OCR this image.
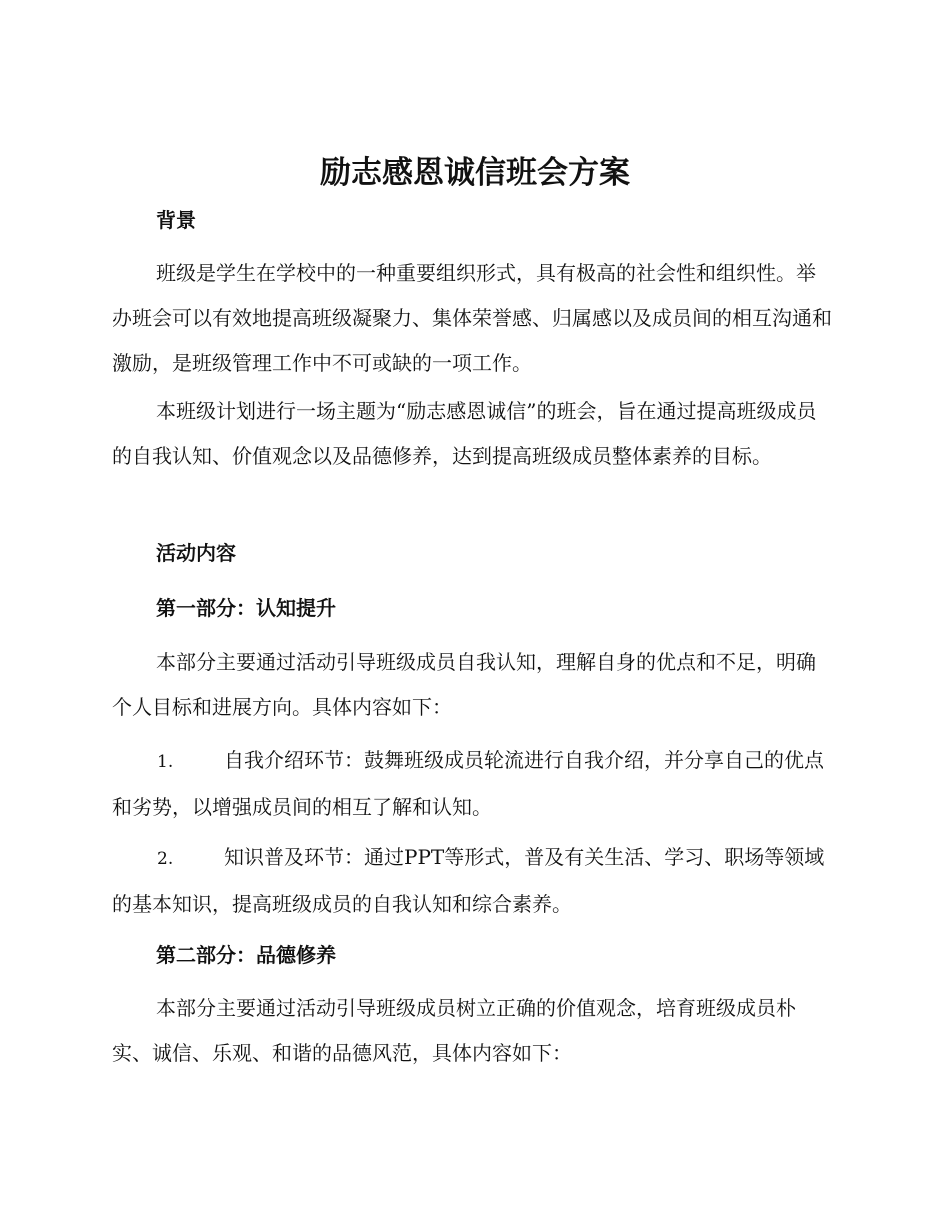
励志感恩诚信班会方案
背景

班级是学生在学校中的一种重要组织形式，具有极高的社会性和组织性。举办班会可以有效地提高班级凝聚力、集体荣誉感、归属感以及成员间的相互沟通和激励，是班级管理工作中不可或缺的一项工作。

本班级计划进行一场主题为“励志感恩诚信”的班会，旨在通过提高班级成员的自我认知、价值观念以及品德修养，达到提高班级成员整体素养的目标。

活动内容
第一部分：认知提升

本部分主要通过活动引导班级成员自我认知，理解自身的优点和不足，明确个人目标和进展方向。具体内容如下：

1.	自我介绍环节：鼓舞班级成员轮流进行自我介绍，并分享自己的优点和劣势，以增强成员间的相互了解和认知。

2.	知识普及环节：通过PPT等形式，普及有关生活、学习、职场等领域的基本知识，提高班级成员的自我认知和综合素养。

第二部分：品德修养

本部分主要通过活动引导班级成员树立正确的价值观念，培育班级成员朴实、诚信、乐观、和谐的品德风范，具体内容如下：
